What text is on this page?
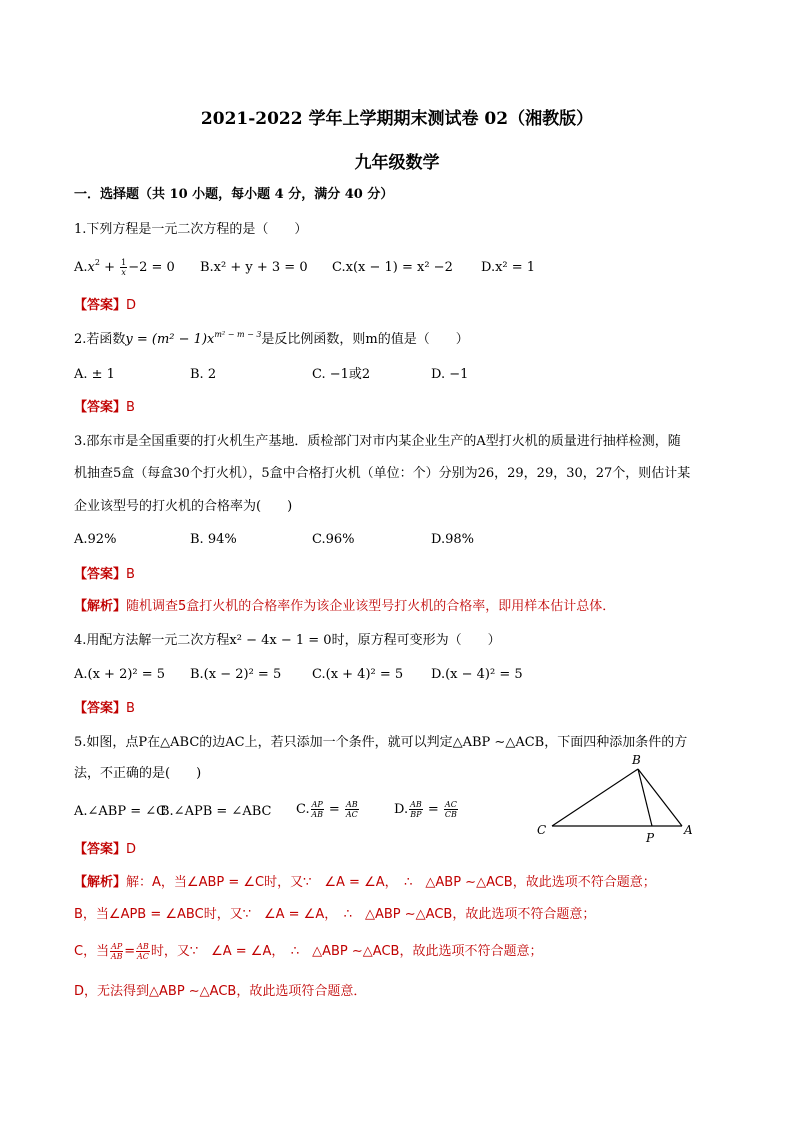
2021-2022 学年上学期期末测试卷 02（湘教版）
九年级数学
一．选择题（共 10 小题，每小题 4 分，满分 40 分）
1.下列方程是一元二次方程的是（　　）
$A.x^2 + \frac{1}{x} -2 = 0$ B.x² + y + 3 = 0 C.x(x − 1) = x² −2 D.x² = 1
【答案】D
2.若函数$y = (m^2 - 1)x^{m^2 - m - 3}$是反比例函数，则m的值是（　　）
A. ± 1	B. 2	C. −1或2	D. −1
【答案】B
3.邵东市是全国重要的打火机生产基地．质检部门对市内某企业生产的A型打火机的质量进行抽样检测，随
机抽查5盒（每盒30个打火机），5盒中合格打火机（单位：个）分别为26，29，29，30，27个，则估计某
企业该型号的打火机的合格率为(　　)
A.92%	B. 94%	C.96%	D.98%
【答案】B
【解析】随机调查5盒打火机的合格率作为该企业该型号打火机的合格率，即用样本估计总体．
4.用配方法解一元二次方程x² − 4x − 1 = 0时，原方程可变形为（　　）
A.(x + 2)² = 5 B.(x − 2)² = 5 C.(x + 4)² = 5 D.(x − 4)² = 5
【答案】B
5.如图，点P在△ABC的边AC上，若只添加一个条件，就可以判定△ABP ∼△ACB，下面四种添加条件的方
法，不正确的是(　　)
A.∠ABP = ∠C
B.∠APB = ∠ABC C. $\frac{AP}{AB} = \frac{AB}{AC}$	D. $\frac{AB}{BP} = \frac{AC}{CB}$
B
C
P
A
【答案】D
【解析】解：A，当∠ABP = ∠C时，又∵　∠A = ∠A，　∴　△ABP ∼△ACB，故此选项不符合题意；
B，当∠APB = ∠ABC时，又∵　∠A = ∠A，　∴　△ABP ∼△ACB，故此选项不符合题意；
C，当 $\frac{AP}{AB} = \frac{AB}{AC}$ 时，又∵　∠A = ∠A，　∴　△ABP ∼△ACB，故此选项不符合题意；
D，无法得到△ABP ∼△ACB，故此选项符合题意．
